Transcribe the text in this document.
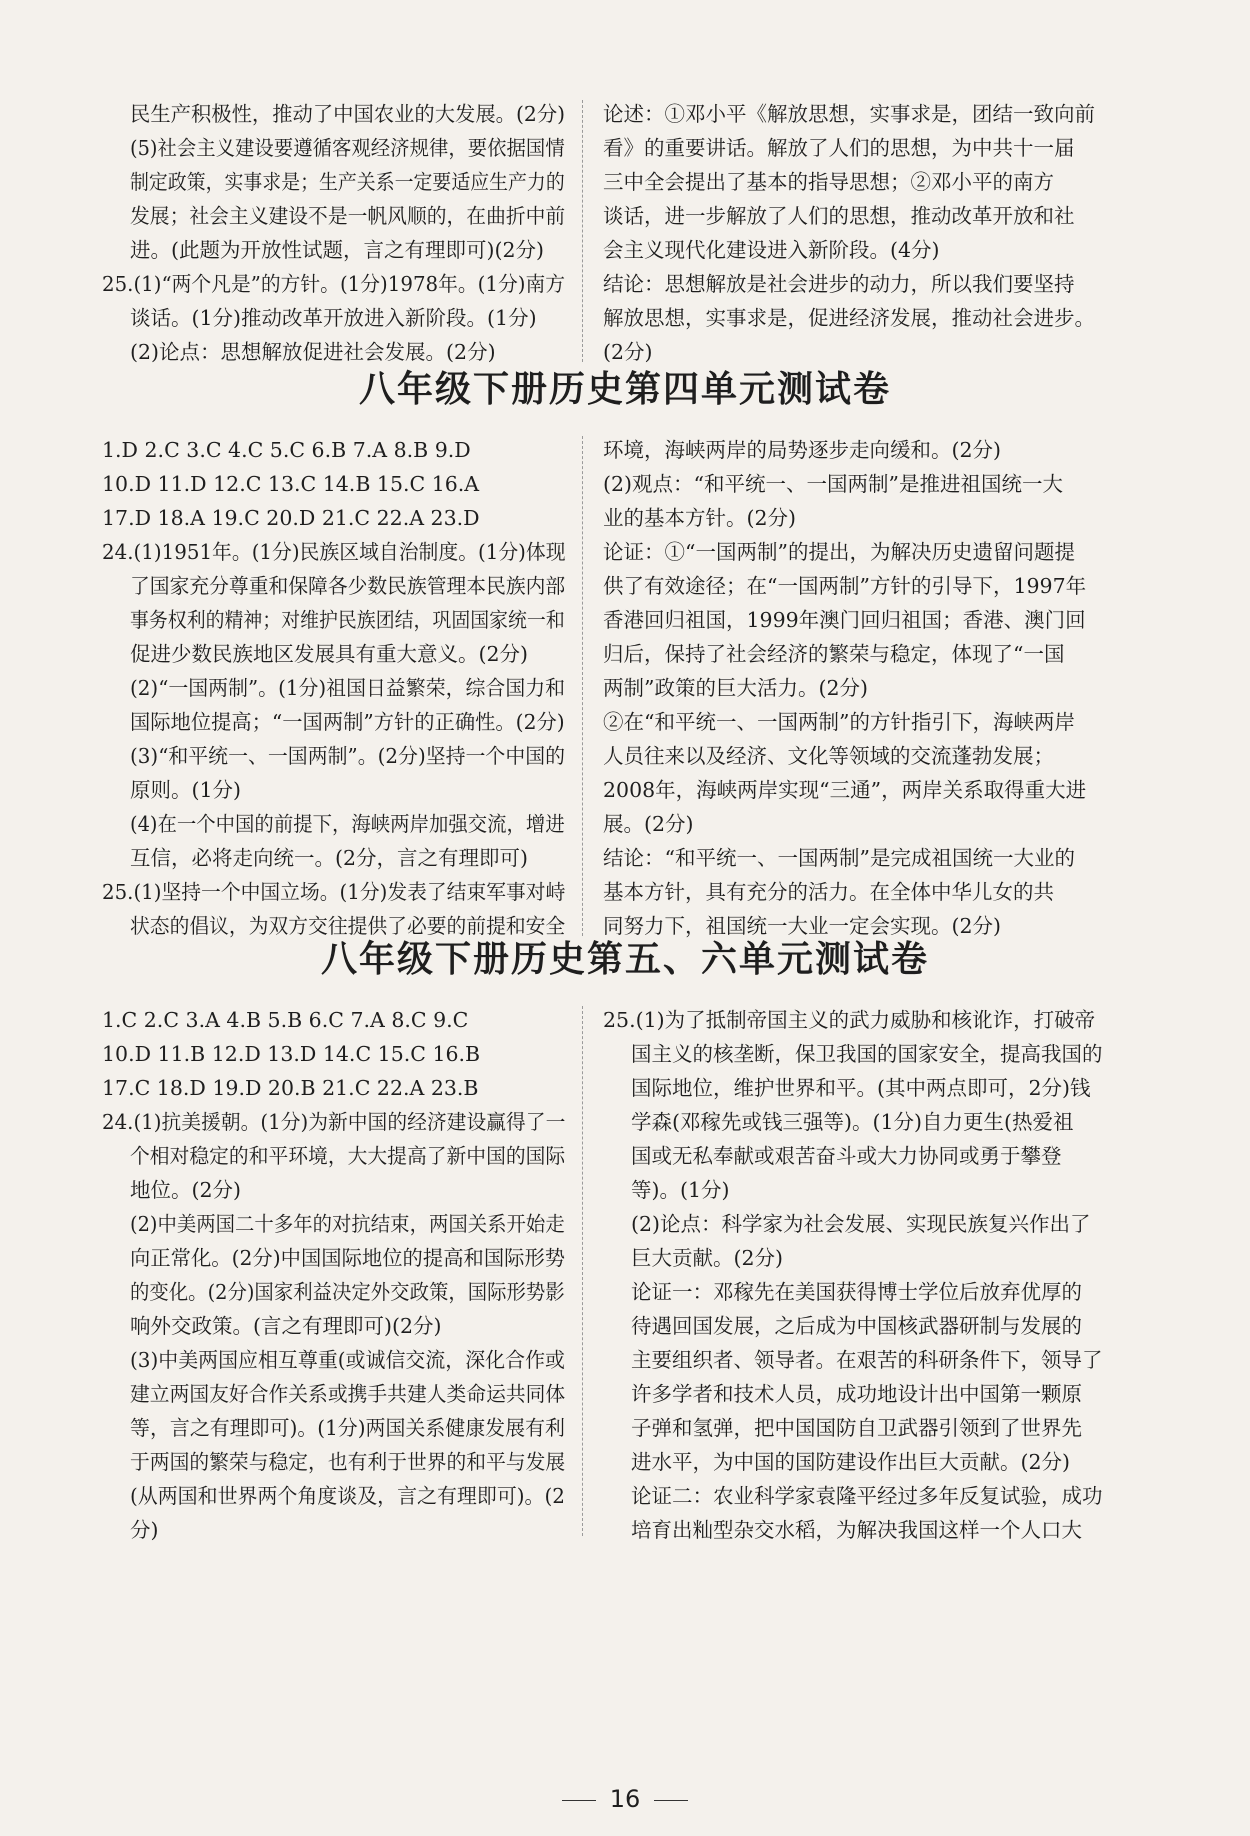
民生产积极性，推动了中国农业的大发展。(2分)
(5)社会主义建设要遵循客观经济规律，要依据国情
制定政策，实事求是；生产关系一定要适应生产力的
发展；社会主义建设不是一帆风顺的，在曲折中前
进。(此题为开放性试题，言之有理即可)(2分)
25.(1)“两个凡是”的方针。(1分)1978年。(1分)南方
谈话。(1分)推动改革开放进入新阶段。(1分)
(2)论点：思想解放促进社会发展。(2分)
论述：①邓小平《解放思想，实事求是，团结一致向前
看》的重要讲话。解放了人们的思想，为中共十一届
三中全会提出了基本的指导思想；②邓小平的南方
谈话，进一步解放了人们的思想，推动改革开放和社
会主义现代化建设进入新阶段。(4分)
结论：思想解放是社会进步的动力，所以我们要坚持
解放思想，实事求是，促进经济发展，推动社会进步。
(2分)
八年级下册历史第四单元测试卷
1.D 2.C 3.C 4.C 5.C 6.B 7.A 8.B 9.D
10.D 11.D 12.C 13.C 14.B 15.C 16.A
17.D 18.A 19.C 20.D 21.C 22.A 23.D
24.(1)1951年。(1分)民族区域自治制度。(1分)体现
了国家充分尊重和保障各少数民族管理本民族内部
事务权利的精神；对维护民族团结，巩固国家统一和
促进少数民族地区发展具有重大意义。(2分)
(2)“一国两制”。(1分)祖国日益繁荣，综合国力和
国际地位提高；“一国两制”方针的正确性。(2分)
(3)“和平统一、一国两制”。(2分)坚持一个中国的
原则。(1分)
(4)在一个中国的前提下，海峡两岸加强交流，增进
互信，必将走向统一。(2分，言之有理即可)
25.(1)坚持一个中国立场。(1分)发表了结束军事对峙
状态的倡议，为双方交往提供了必要的前提和安全
环境，海峡两岸的局势逐步走向缓和。(2分)
(2)观点：“和平统一、一国两制”是推进祖国统一大
业的基本方针。(2分)
论证：①“一国两制”的提出，为解决历史遗留问题提
供了有效途径；在“一国两制”方针的引导下，1997年
香港回归祖国，1999年澳门回归祖国；香港、澳门回
归后，保持了社会经济的繁荣与稳定，体现了“一国
两制”政策的巨大活力。(2分)
②在“和平统一、一国两制”的方针指引下，海峡两岸
人员往来以及经济、文化等领域的交流蓬勃发展；
2008年，海峡两岸实现“三通”，两岸关系取得重大进
展。(2分)
结论：“和平统一、一国两制”是完成祖国统一大业的
基本方针，具有充分的活力。在全体中华儿女的共
同努力下，祖国统一大业一定会实现。(2分)
八年级下册历史第五、六单元测试卷
1.C 2.C 3.A 4.B 5.B 6.C 7.A 8.C 9.C
10.D 11.B 12.D 13.D 14.C 15.C 16.B
17.C 18.D 19.D 20.B 21.C 22.A 23.B
24.(1)抗美援朝。(1分)为新中国的经济建设赢得了一
个相对稳定的和平环境，大大提高了新中国的国际
地位。(2分)
(2)中美两国二十多年的对抗结束，两国关系开始走
向正常化。(2分)中国国际地位的提高和国际形势
的变化。(2分)国家利益决定外交政策，国际形势影
响外交政策。(言之有理即可)(2分)
(3)中美两国应相互尊重(或诚信交流，深化合作或
建立两国友好合作关系或携手共建人类命运共同体
等，言之有理即可)。(1分)两国关系健康发展有利
于两国的繁荣与稳定，也有利于世界的和平与发展
(从两国和世界两个角度谈及，言之有理即可)。(2
分)
25.(1)为了抵制帝国主义的武力威胁和核讹诈，打破帝
国主义的核垄断，保卫我国的国家安全，提高我国的
国际地位，维护世界和平。(其中两点即可，2分)钱
学森(邓稼先或钱三强等)。(1分)自力更生(热爱祖
国或无私奉献或艰苦奋斗或大力协同或勇于攀登
等)。(1分)
(2)论点：科学家为社会发展、实现民族复兴作出了
巨大贡献。(2分)
论证一：邓稼先在美国获得博士学位后放弃优厚的
待遇回国发展，之后成为中国核武器研制与发展的
主要组织者、领导者。在艰苦的科研条件下，领导了
许多学者和技术人员，成功地设计出中国第一颗原
子弹和氢弹，把中国国防自卫武器引领到了世界先
进水平，为中国的国防建设作出巨大贡献。(2分)
论证二：农业科学家袁隆平经过多年反复试验，成功
培育出籼型杂交水稻，为解决我国这样一个人口大
16
